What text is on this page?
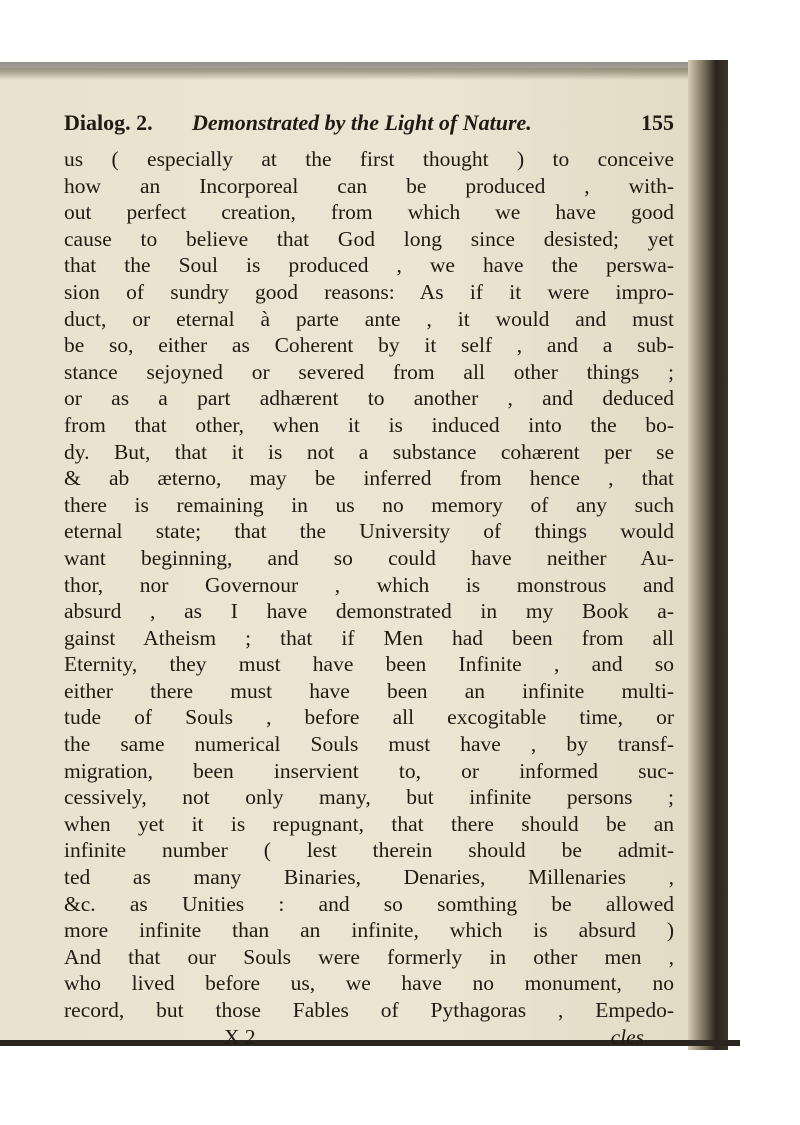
Dialog. 2. Demonstrated by the Light of Nature.	155
us ( especially at the first thought ) to conceive
how an Incorporeal can be produced , with-
out perfect creation, from which we have good
cause to believe that God long since desisted; yet
that the Soul is produced , we have the perswa-
sion of sundry good reasons: As if it were impro-
duct, or eternal à parte ante , it would and must
be so, either as Coherent by it self , and a sub-
stance sejoyned or severed from all other things ;
or as a part adhærent to another , and deduced
from that other, when it is induced into the bo-
dy. But, that it is not a substance cohærent per se
& ab æterno, may be inferred from hence , that
there is remaining in us no memory of any such
eternal state; that the University of things would
want beginning, and so could have neither Au-
thor, nor Governour , which is monstrous and
absurd , as I have demonstrated in my Book a-
gainst Atheism ; that if Men had been from all
Eternity, they must have been Infinite , and so
either there must have been an infinite multi-
tude of Souls , before all excogitable time, or
the same numerical Souls must have , by transf-
migration, been inservient to, or informed suc-
cessively, not only many, but infinite persons ;
when yet it is repugnant, that there should be an
infinite number ( lest therein should be admit-
ted as many Binaries, Denaries, Millenaries ,
&c. as Unities : and so somthing be allowed
more infinite than an infinite, which is absurd )
And that our Souls were formerly in other men ,
who lived before us, we have no monument, no
record, but those Fables of Pythagoras , Empedo-
X 2	cles
